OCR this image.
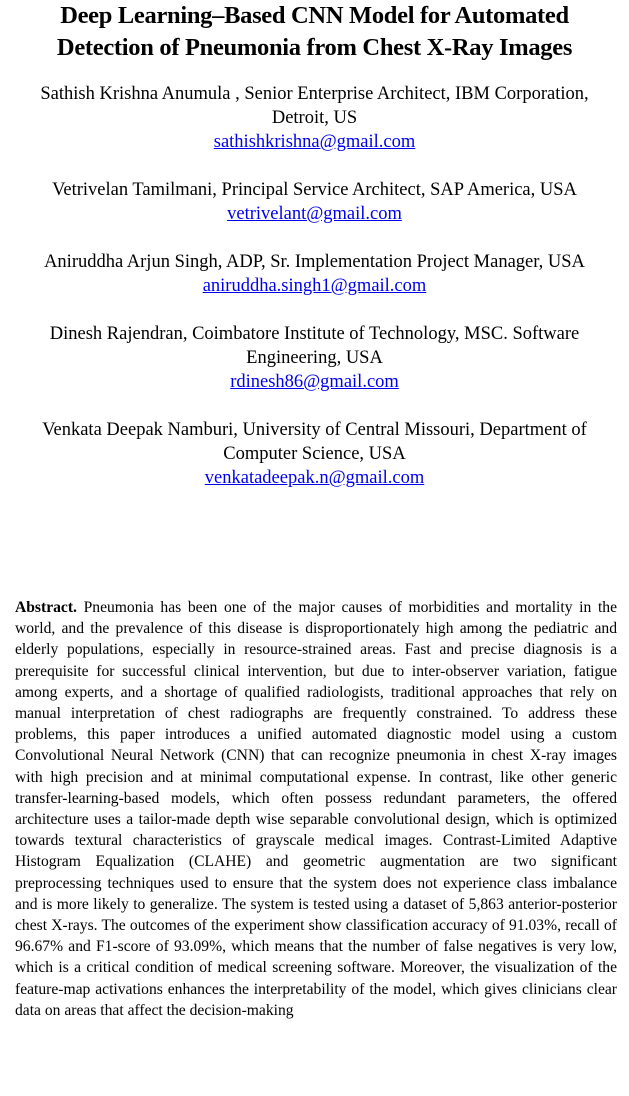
Deep Learning–Based CNN Model for Automated
Detection of Pneumonia from Chest X-Ray Images
Sathish Krishna Anumula , Senior Enterprise Architect, IBM Corporation, Detroit, US
sathishkrishna@gmail.com
Vetrivelan Tamilmani, Principal Service Architect, SAP America, USA
vetrivelant@gmail.com
Aniruddha Arjun Singh, ADP, Sr. Implementation Project Manager, USA
aniruddha.singh1@gmail.com
Dinesh Rajendran, Coimbatore Institute of Technology, MSC. Software Engineering, USA
rdinesh86@gmail.com
Venkata Deepak Namburi, University of Central Missouri, Department of Computer Science, USA
venkatadeepak.n@gmail.com

Abstract. Pneumonia has been one of the major causes of morbidities and mortality in the world, and the prevalence of this disease is disproportionately high among the pediatric and elderly populations, especially in resource-strained areas. Fast and precise diagnosis is a prerequisite for successful clinical intervention, but due to inter-observer variation, fatigue among experts, and a shortage of qualified radiologists, traditional approaches that rely on manual interpretation of chest radiographs are frequently constrained. To address these problems, this paper introduces a unified automated diagnostic model using a custom Convolutional Neural Network (CNN) that can recognize pneumonia in chest X-ray images with high precision and at minimal computational expense. In contrast, like other generic transfer-learning-based models, which often possess redundant parameters, the offered architecture uses a tailor-made depth wise separable convolutional design, which is optimized towards textural characteristics of grayscale medical images. Contrast-Limited Adaptive Histogram Equalization (CLAHE) and geometric augmentation are two significant preprocessing techniques used to ensure that the system does not experience class imbalance and is more likely to generalize. The system is tested using a dataset of 5,863 anterior-posterior chest X-rays. The outcomes of the experiment show classification accuracy of 91.03%, recall of 96.67% and F1-score of 93.09%, which means that the number of false negatives is very low, which is a critical condition of medical screening software. Moreover, the visualization of the feature-map activations enhances the interpretability of the model, which gives clinicians clear data on areas that affect the decision-making
